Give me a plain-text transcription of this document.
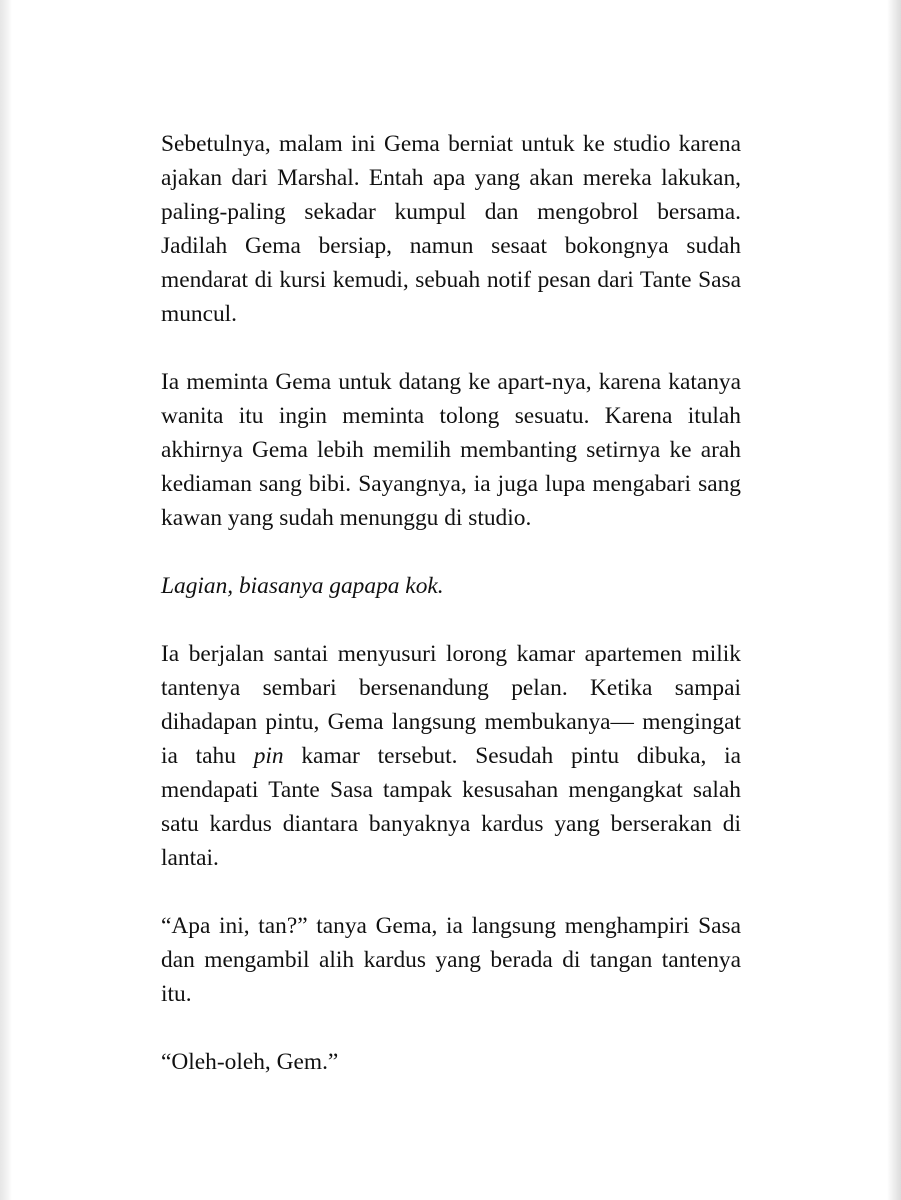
Sebetulnya, malam ini Gema berniat untuk ke studio karena ajakan dari Marshal. Entah apa yang akan mereka lakukan, paling-paling sekadar kumpul dan mengobrol bersama. Jadilah Gema bersiap, namun sesaat bokongnya sudah mendarat di kursi kemudi, sebuah notif pesan dari Tante Sasa muncul.

Ia meminta Gema untuk datang ke apart-nya, karena katanya wanita itu ingin meminta tolong sesuatu. Karena itulah akhirnya Gema lebih memilih membanting setirnya ke arah kediaman sang bibi. Sayangnya, ia juga lupa mengabari sang kawan yang sudah menunggu di studio.

Lagian, biasanya gapapa kok.

Ia berjalan santai menyusuri lorong kamar apartemen milik tantenya sembari bersenandung pelan. Ketika sampai dihadapan pintu, Gema langsung membukanya— mengingat ia tahu pin kamar tersebut. Sesudah pintu dibuka, ia mendapati Tante Sasa tampak kesusahan mengangkat salah satu kardus diantara banyaknya kardus yang berserakan di lantai.

“Apa ini, tan?” tanya Gema, ia langsung menghampiri Sasa dan mengambil alih kardus yang berada di tangan tantenya itu.

“Oleh-oleh, Gem.”
